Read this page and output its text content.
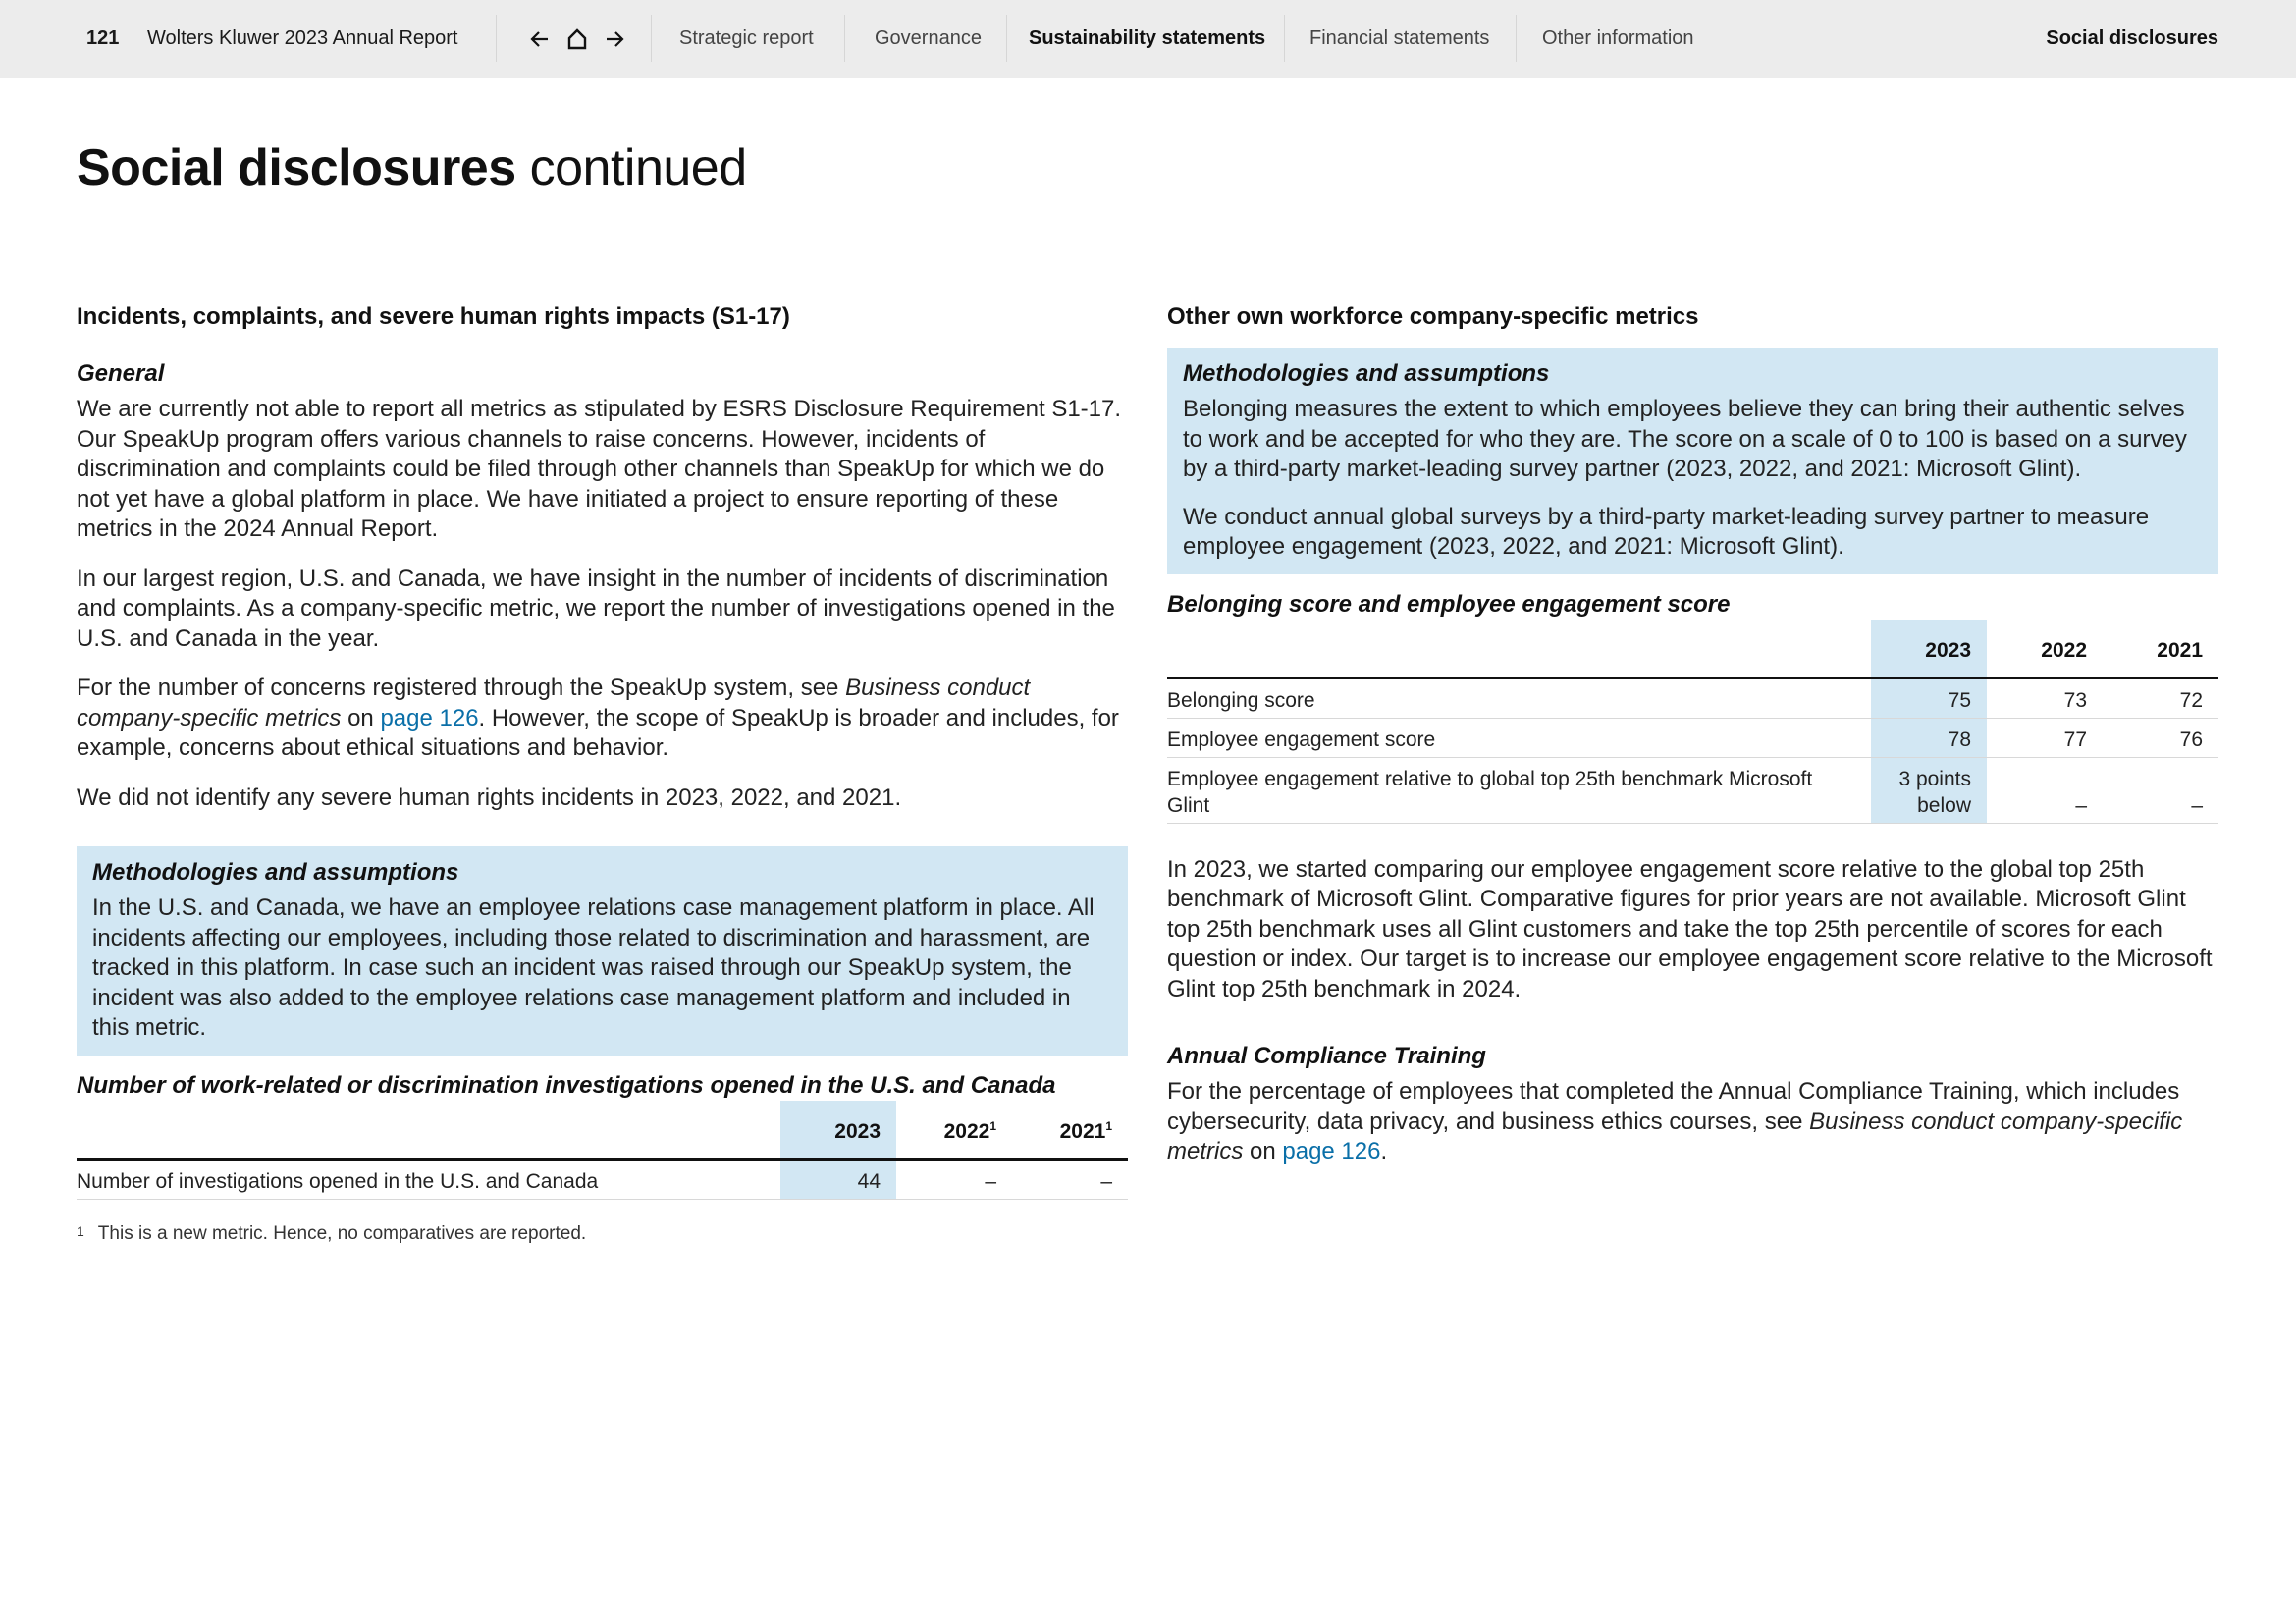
121 Wolters Kluwer 2023 Annual Report	Strategic report	Governance Sustainability statements Financial statements	Other information	Social disclosures
Social disclosures continued
Incidents, complaints, and severe human rights impacts (S1-17)
General

We are currently not able to report all metrics as stipulated by ESRS Disclosure Requirement S1-17. Our SpeakUp program offers various channels to raise concerns. However, incidents of discrimination and complaints could be filed through other channels than SpeakUp for which we do not yet have a global platform in place. We have initiated a project to ensure reporting of these metrics in the 2024 Annual Report.

In our largest region, U.S. and Canada, we have insight in the number of incidents of discrimination and complaints. As a company-specific metric, we report the number of investigations opened in the U.S. and Canada in the year.

For the number of concerns registered through the SpeakUp system, see Business conduct company-specific metrics on page 126. However, the scope of SpeakUp is broader and includes, for example, concerns about ethical situations and behavior.

We did not identify any severe human rights incidents in 2023, 2022, and 2021.

Methodologies and assumptions

In the U.S. and Canada, we have an employee relations case management platform in place. All incidents affecting our employees, including those related to discrimination and harassment, are tracked in this platform. In case such an incident was raised through our SpeakUp system, the incident was also added to the employee relations case management platform and included in this metric.

Number of work-related or discrimination investigations opened in the U.S. and Canada
	2023	2022$^1$	2021$^1$
Number of investigations opened in the U.S. and Canada	44	–	–
1 This is a new metric. Hence, no comparatives are reported.
Other own workforce company-specific metrics
Methodologies and assumptions

Belonging measures the extent to which employees believe they can bring their authentic selves to work and be accepted for who they are. The score on a scale of 0 to 100 is based on a survey by a third-party market-leading survey partner (2023, 2022, and 2021: Microsoft Glint).

We conduct annual global surveys by a third-party market-leading survey partner to measure employee engagement (2023, 2022, and 2021: Microsoft Glint).

Belonging score and employee engagement score
	2023	2022	2021
Belonging score	75	73	72
Employee engagement score	78	77	76
Employee engagement relative to global top 25th benchmark Microsoft Glint	3 points below	–	–

In 2023, we started comparing our employee engagement score relative to the global top 25th benchmark of Microsoft Glint. Comparative figures for prior years are not available. Microsoft Glint top 25th benchmark uses all Glint customers and take the top 25th percentile of scores for each question or index. Our target is to increase our employee engagement score relative to the Microsoft Glint top 25th benchmark in 2024.

Annual Compliance Training

For the percentage of employees that completed the Annual Compliance Training, which includes cybersecurity, data privacy, and business ethics courses, see Business conduct company-specific metrics on page 126.
